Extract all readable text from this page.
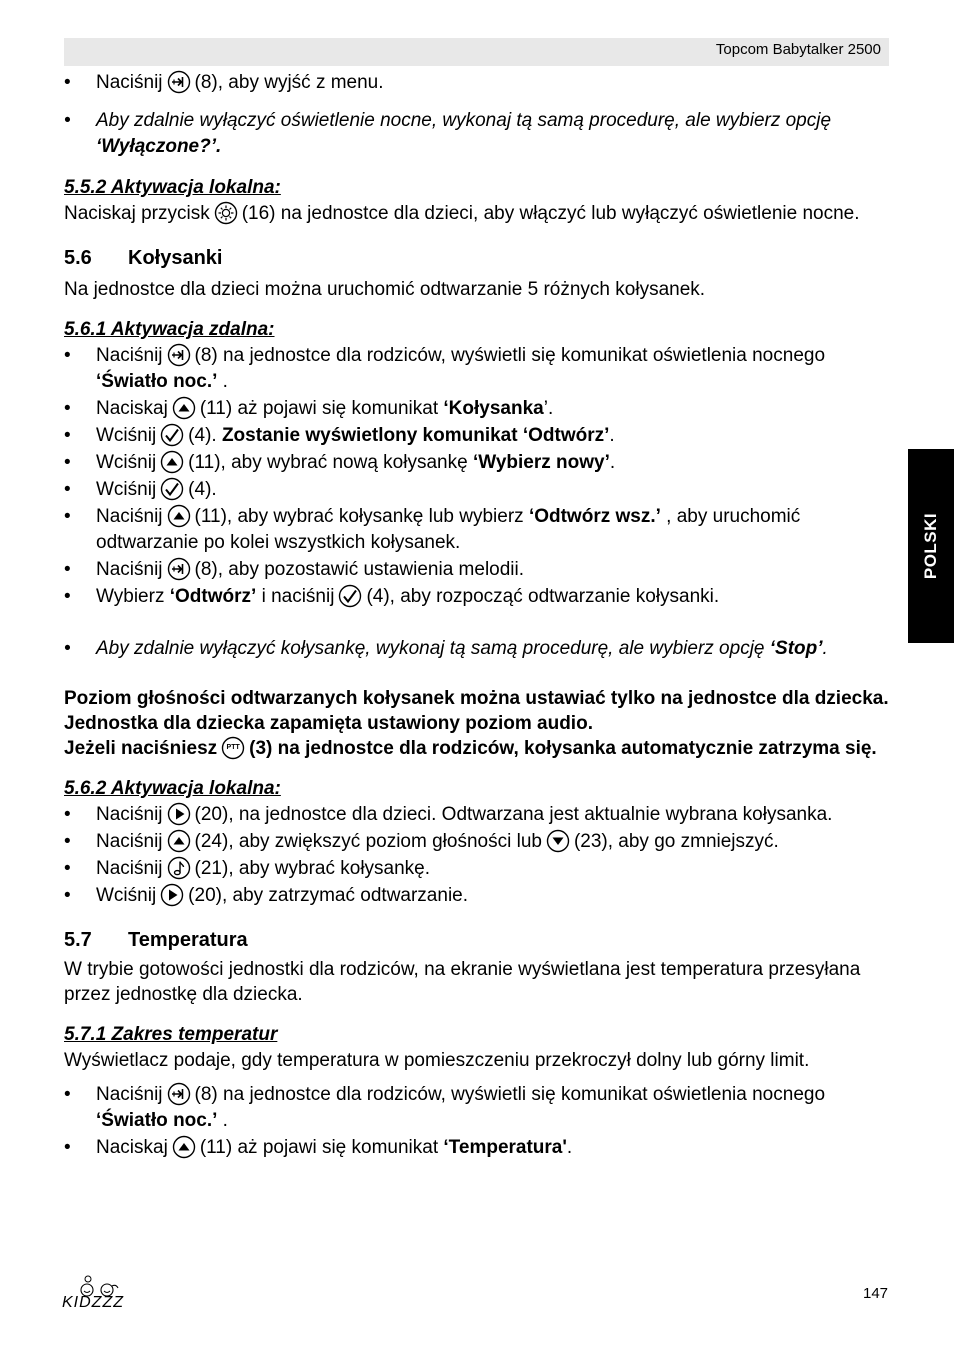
Topcom Babytalker 2500
POLSKI

• Naciśnij (8), aby wyjść z menu.

• Aby zdalnie wyłączyć oświetlenie nocne, wykonaj tą samą procedurę, ale wybierz opcję ‘Wyłączone?’.

5.5.2 Aktywacja lokalna:

Naciskaj przycisk (16) na jednostce dla dzieci, aby włączyć lub wyłączyć oświetlenie nocne.

5.6 Kołysanki

Na jednostce dla dzieci można uruchomić odtwarzanie 5 różnych kołysanek.

5.6.1 Aktywacja zdalna:

• Naciśnij (8) na jednostce dla rodziców, wyświetli się komunikat oświetlenia nocnego ‘Światło noc.’ .

• Naciskaj (11) aż pojawi się komunikat ‘Kołysanka’.

• Wciśnij (4). Zostanie wyświetlony komunikat ‘Odtwórz’.

• Wciśnij (11), aby wybrać nową kołysankę ‘Wybierz nowy’.

• Wciśnij (4).

• Naciśnij (11), aby wybrać kołysankę lub wybierz ‘Odtwórz wsz.’ , aby uruchomić odtwarzanie po kolei wszystkich kołysanek.

• Naciśnij (8), aby pozostawić ustawienia melodii.

• Wybierz ‘Odtwórz’ i naciśnij (4), aby rozpocząć odtwarzanie kołysanki.

• Aby zdalnie wyłączyć kołysankę, wykonaj tą samą procedurę, ale wybierz opcję ‘Stop’.

Poziom głośności odtwarzanych kołysanek można ustawiać tylko na jednostce dla dziecka. Jednostka dla dziecka zapamięta ustawiony poziom audio.

Jeżeli naciśniesz	PTT (3) na jednostce dla rodziców, kołysanka automatycznie zatrzyma się.

5.6.2 Aktywacja lokalna:

• Naciśnij (20), na jednostce dla dzieci. Odtwarzana jest aktualnie wybrana kołysanka.

• Naciśnij (24), aby zwiększyć poziom głośności lub (23), aby go zmniejszyć.

• Naciśnij (21), aby wybrać kołysankę.

• Wciśnij (20), aby zatrzymać odtwarzanie.

5.7 Temperatura

W trybie gotowości jednostki dla rodziców, na ekranie wyświetlana jest temperatura przesyłana przez jednostkę dla dziecka.

5.7.1 Zakres temperatur

Wyświetlacz podaje, gdy temperatura w pomieszczeniu przekroczył dolny lub górny limit.

• Naciśnij (8) na jednostce dla rodziców, wyświetli się komunikat oświetlenia nocnego ‘Światło noc.’ .

• Naciskaj (11) aż pojawi się komunikat ‘Temperatura'.

KIDZZZ
147
